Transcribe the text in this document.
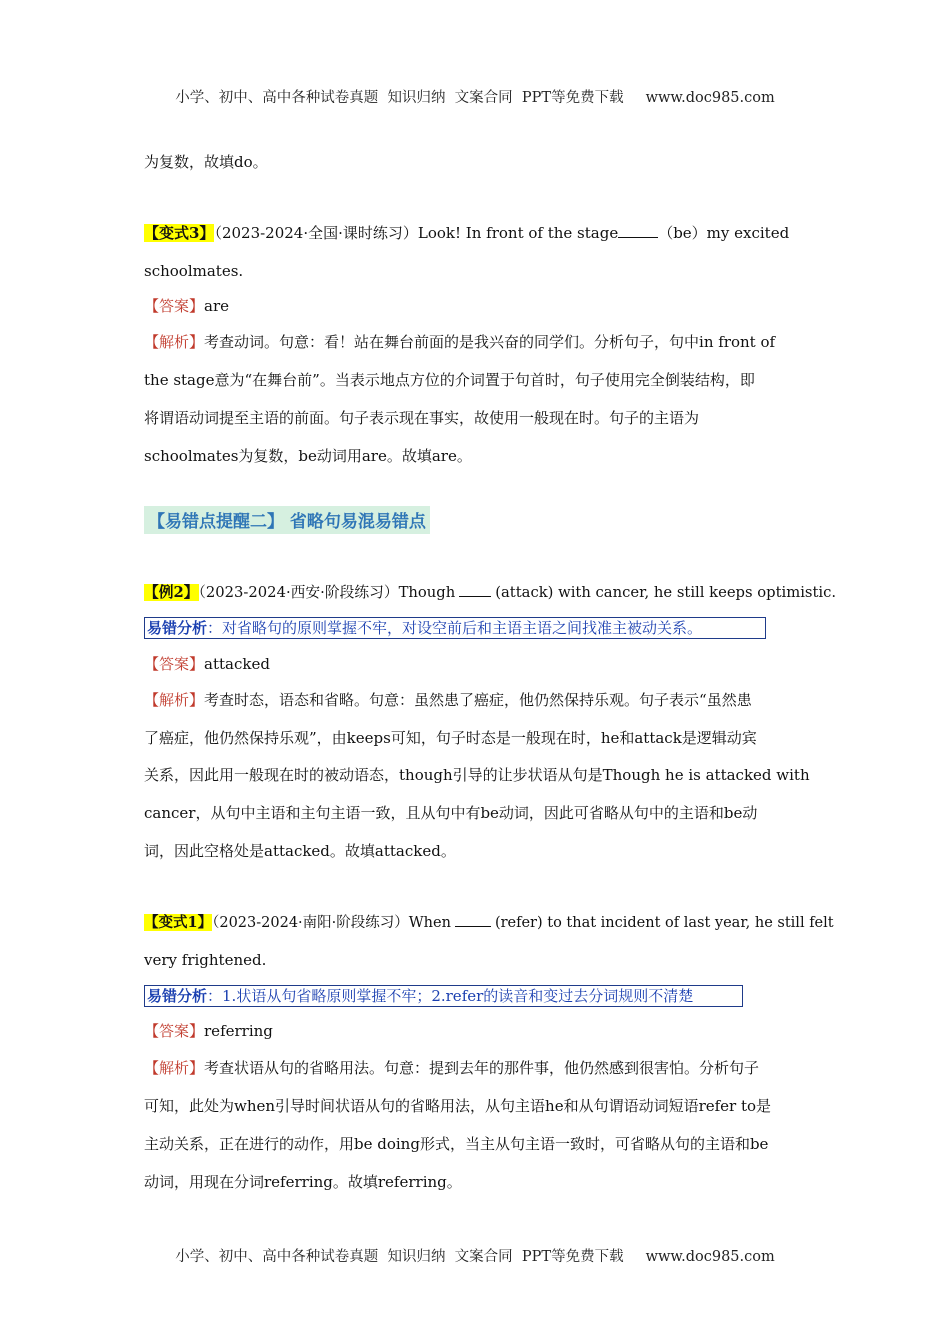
小学、初中、高中各种试卷真题  知识归纳  文案合同  PPT等免费下载 www.doc985.com
为复数，故填do。
【变式3】（2023-2024·全国·课时练习）Look! In front of the stage	（be）my excited
schoolmates.
【答案】are
【解析】考查动词。句意：看！站在舞台前面的是我兴奋的同学们。分析句子，句中in front of
the stage意为“在舞台前”。当表示地点方位的介词置于句首时，句子使用完全倒装结构，即
将谓语动词提至主语的前面。句子表示现在事实，故使用一般现在时。句子的主语为
schoolmates为复数，be动词用are。故填are。
【易错点提醒二】 省略句易混易错点
【例2】（2023-2024·西安·阶段练习）Though	(attack) with cancer, he still keeps optimistic.
易错分析：对省略句的原则掌握不牢，对设空前后和主语主语之间找准主被动关系。
【答案】attacked
【解析】考查时态，语态和省略。句意：虽然患了癌症，他仍然保持乐观。句子表示“虽然患
了癌症，他仍然保持乐观”，由keeps可知，句子时态是一般现在时，he和attack是逻辑动宾
关系，因此用一般现在时的被动语态，though引导的让步状语从句是Though he is attacked with
cancer，从句中主语和主句主语一致，且从句中有be动词，因此可省略从句中的主语和be动
词，因此空格处是attacked。故填attacked。
【变式1】（2023-2024·南阳·阶段练习）When	(refer) to that incident of last year, he still felt
very frightened.
易错分析：1.状语从句省略原则掌握不牢；2.refer的读音和变过去分词规则不清楚
【答案】referring
【解析】考查状语从句的省略用法。句意：提到去年的那件事，他仍然感到很害怕。分析句子
可知，此处为when引导时间状语从句的省略用法，从句主语he和从句谓语动词短语refer to是
主动关系，正在进行的动作，用be doing形式，当主从句主语一致时，可省略从句的主语和be
动词，用现在分词referring。故填referring。
小学、初中、高中各种试卷真题  知识归纳  文案合同  PPT等免费下载 www.doc985.com
